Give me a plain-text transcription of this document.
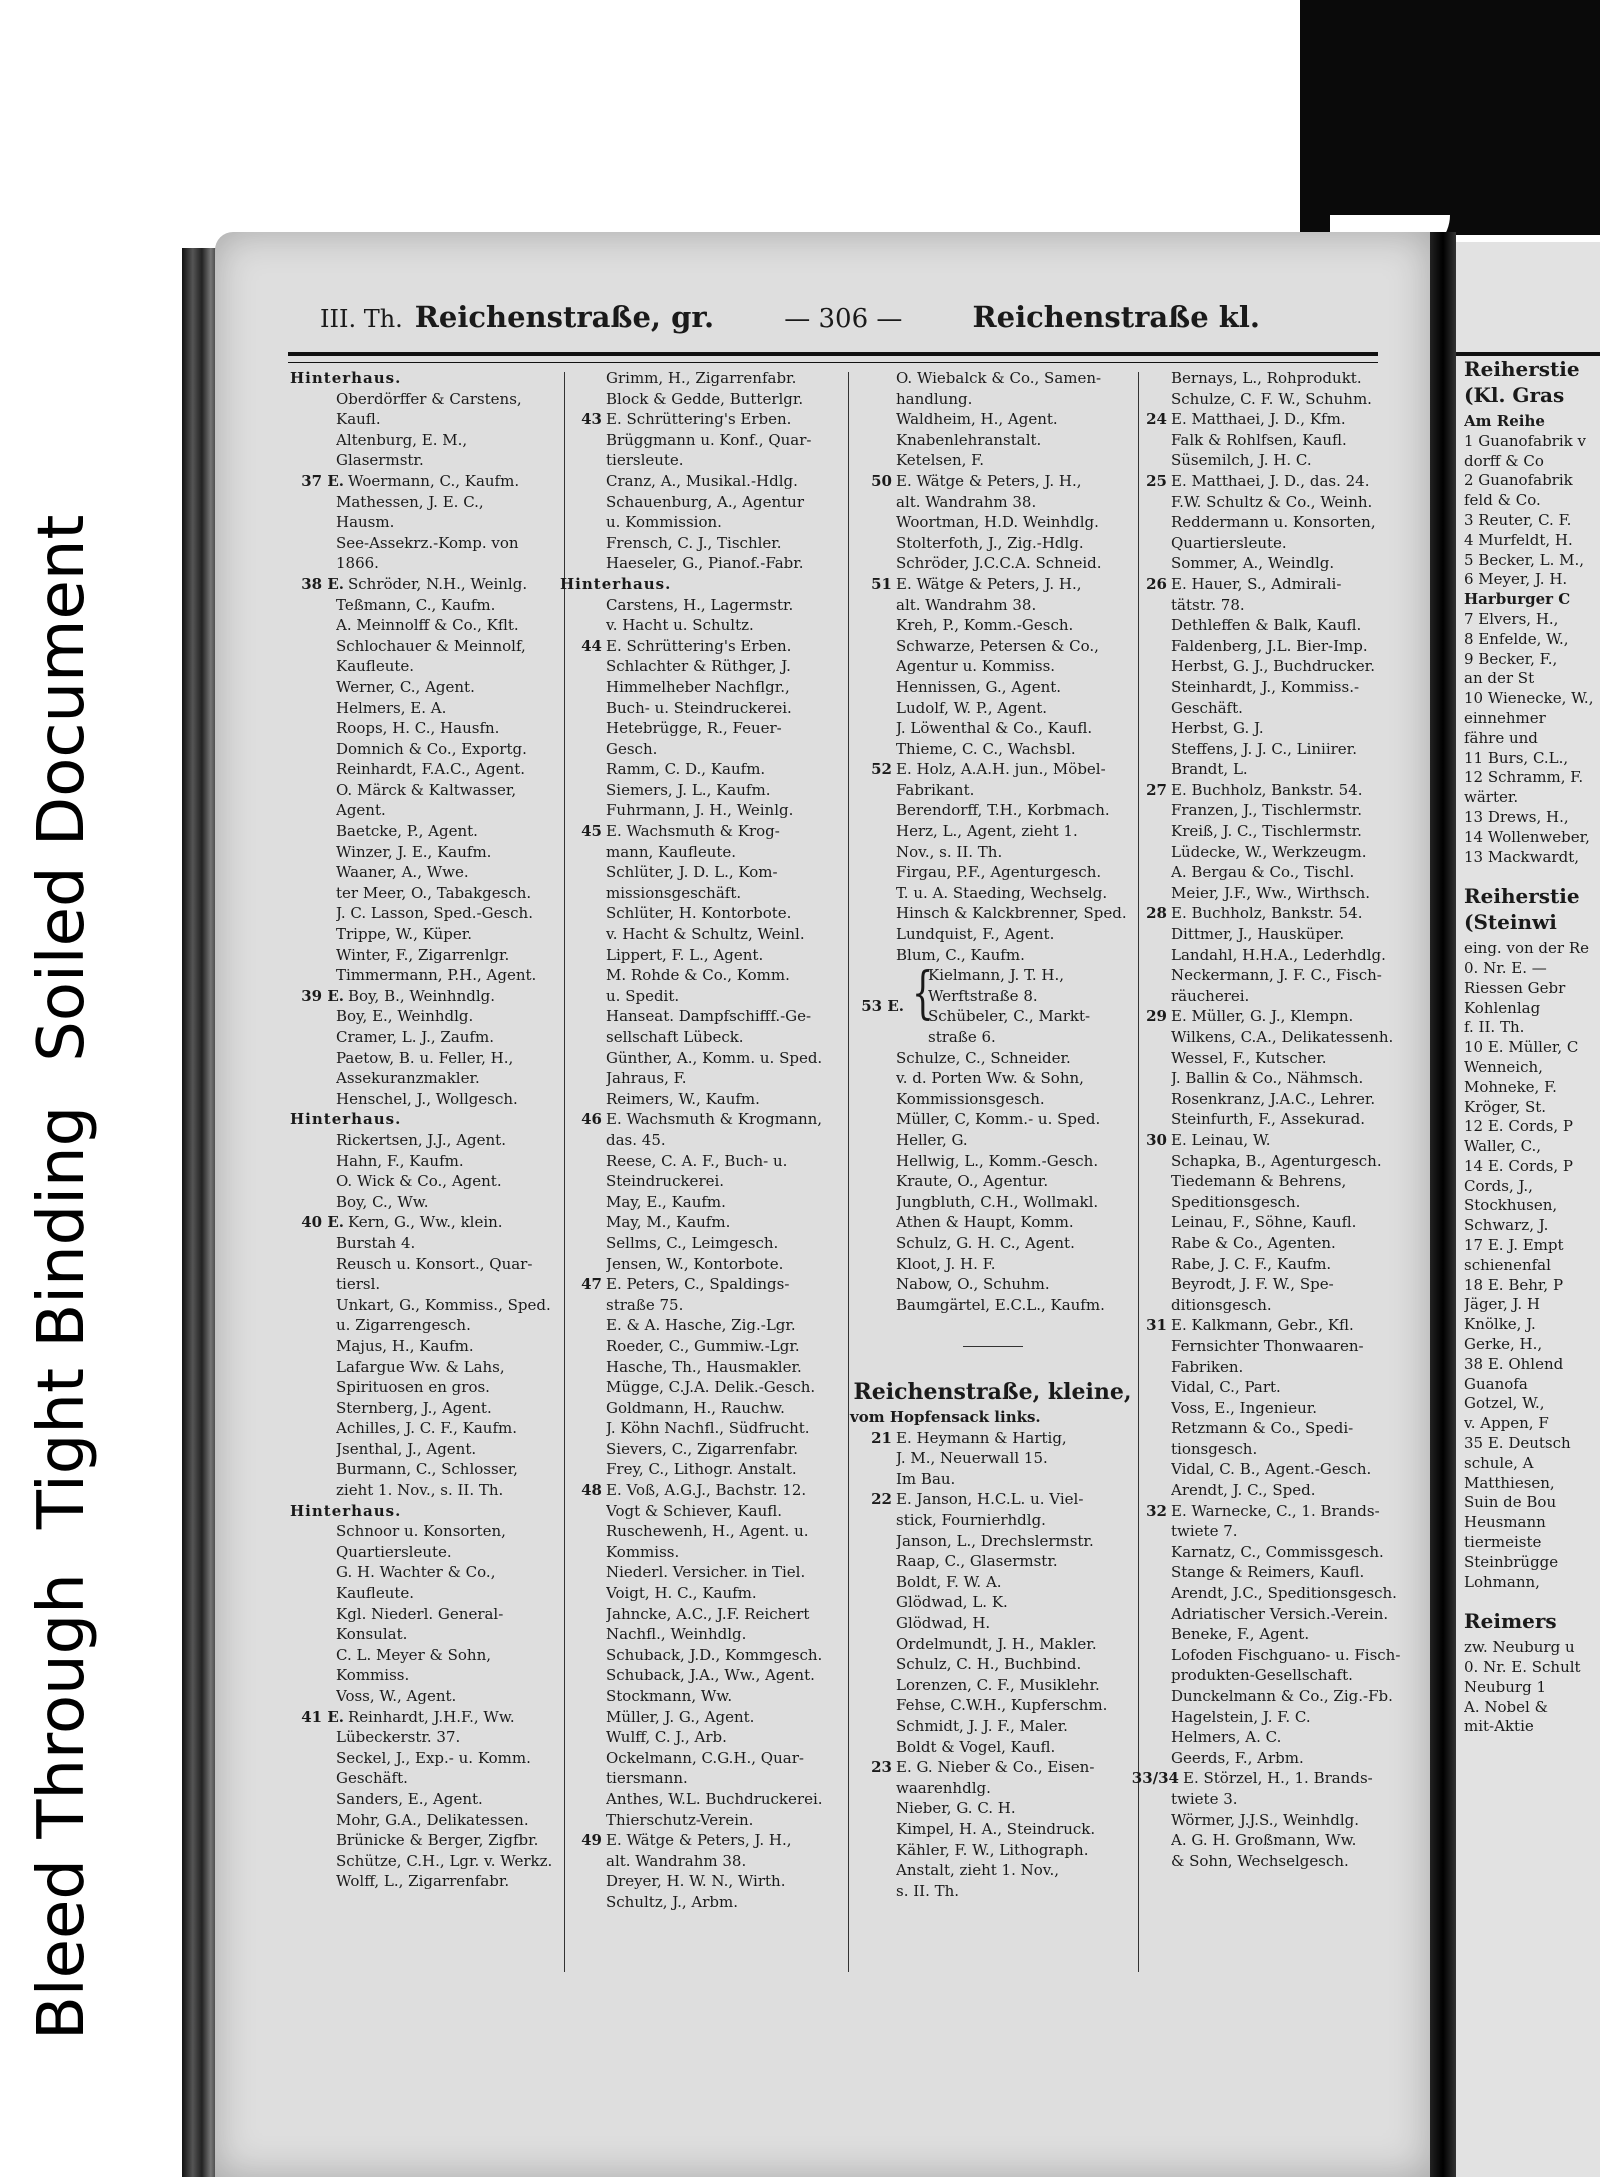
Bleed Through
Tight Binding
Soiled Document
Reiherstie
(Kl. Gras
Am Reihe
1 Guanofabrik v
dorff & Co
2 Guanofabrik
feld & Co.
3 Reuter, C. F.
4 Murfeldt, H.
5 Becker, L. M.,
6 Meyer, J. H.
Harburger C
7 Elvers, H.,
8 Enfelde, W.,
9 Becker, F.,
an der St
10 Wienecke, W.,
einnehmer
fähre und
11 Burs, C.L.,
12 Schramm, F.
wärter.
13 Drews, H.,
14 Wollenweber,
13 Mackwardt,
Reiherstie
(Steinwi
eing. von der Re
0. Nr. E. —
Riessen Gebr
Kohlenlag
f. II. Th.
10 E. Müller, C
Wenneich,
Mohneke, F.
Kröger, St.
12 E. Cords, P
Waller, C.,
14 E. Cords, P
Cords, J.,
Stockhusen,
Schwarz, J.
17 E. J. Empt
schienenfal
18 E. Behr, P
Jäger, J. H
Knölke, J.
Gerke, H.,
38 E. Ohlend
Guanofa
Gotzel, W.,
v. Appen, F
35 E. Deutsch
schule, A
Matthiesen,
Suin de Bou
Heusmann
tiermeiste
Steinbrügge
Lohmann,
Reimers
zw. Neuburg u
0. Nr. E. Schult
Neuburg 1
A. Nobel &
mit-Aktie
III. Th. Reichenstraße, gr.	— 306 — Reichenstraße kl.
Hinterhaus.
Oberdörffer & Carstens,
Kaufl.
Altenburg, E. M.,
Glasermstr.
37 E. Woermann, C., Kaufm.
Mathessen, J. E. C.,
Hausm.
See-Assekrz.-Komp. von
1866.
38 E. Schröder, N.H., Weinlg.
Teßmann, C., Kaufm.
A. Meinnolff & Co., Kflt.
Schlochauer & Meinnolf,
Kaufleute.
Werner, C., Agent.
Helmers, E. A.
Roops, H. C., Hausfn.
Domnich & Co., Exportg.
Reinhardt, F.A.C., Agent.
O. Märck & Kaltwasser,
Agent.
Baetcke, P., Agent.
Winzer, J. E., Kaufm.
Waaner, A., Wwe.
ter Meer, O., Tabakgesch.
J. C. Lasson, Sped.-Gesch.
Trippe, W., Küper.
Winter, F., Zigarrenlgr.
Timmermann, P.H., Agent.
39 E. Boy, B., Weinhndlg.
Boy, E., Weinhdlg.
Cramer, L. J., Zaufm.
Paetow, B. u. Feller, H.,
Assekuranzmakler.
Henschel, J., Wollgesch.
Hinterhaus.
Rickertsen, J.J., Agent.
Hahn, F., Kaufm.
O. Wick & Co., Agent.
Boy, C., Ww.
40 E. Kern, G., Ww., klein.
Burstah 4.
Reusch u. Konsort., Quar-
tiersl.
Unkart, G., Kommiss., Sped.
u. Zigarrengesch.
Majus, H., Kaufm.
Lafargue Ww. & Lahs,
Spirituosen en gros.
Sternberg, J., Agent.
Achilles, J. C. F., Kaufm.
Jsenthal, J., Agent.
Burmann, C., Schlosser,
zieht 1. Nov., s. II. Th.
Hinterhaus.
Schnoor u. Konsorten,
Quartiersleute.
G. H. Wachter & Co.,
Kaufleute.
Kgl. Niederl. General-
Konsulat.
C. L. Meyer & Sohn,
Kommiss.
Voss, W., Agent.
41 E. Reinhardt, J.H.F., Ww.
Lübeckerstr. 37.
Seckel, J., Exp.- u. Komm.
Geschäft.
Sanders, E., Agent.
Mohr, G.A., Delikatessen.
Brünicke & Berger, Zigfbr.
Schütze, C.H., Lgr. v. Werkz.
Wolff, L., Zigarrenfabr.
Grimm, H., Zigarrenfabr.
Block & Gedde, Butterlgr.
43 E. Schrüttering's Erben.
Brüggmann u. Konf., Quar-
tiersleute.
Cranz, A., Musikal.-Hdlg.
Schauenburg, A., Agentur
u. Kommission.
Frensch, C. J., Tischler.
Haeseler, G., Pianof.-Fabr.
Hinterhaus.
Carstens, H., Lagermstr.
v. Hacht u. Schultz.
44 E. Schrüttering's Erben.
Schlachter & Rüthger, J.
Himmelheber Nachflgr.,
Buch- u. Steindruckerei.
Hetebrügge, R., Feuer-
Gesch.
Ramm, C. D., Kaufm.
Siemers, J. L., Kaufm.
Fuhrmann, J. H., Weinlg.
45 E. Wachsmuth & Krog-
mann, Kaufleute.
Schlüter, J. D. L., Kom-
missionsgeschäft.
Schlüter, H. Kontorbote.
v. Hacht & Schultz, Weinl.
Lippert, F. L., Agent.
M. Rohde & Co., Komm.
u. Spedit.
Hanseat. Dampfschifff.-Ge-
sellschaft Lübeck.
Günther, A., Komm. u. Sped.
Jahraus, F.
Reimers, W., Kaufm.
46 E. Wachsmuth & Krogmann,
das. 45.
Reese, C. A. F., Buch- u.
Steindruckerei.
May, E., Kaufm.
May, M., Kaufm.
Sellms, C., Leimgesch.
Jensen, W., Kontorbote.
47 E. Peters, C., Spaldings-
straße 75.
E. & A. Hasche, Zig.-Lgr.
Roeder, C., Gummiw.-Lgr.
Hasche, Th., Hausmakler.
Mügge, C.J.A. Delik.-Gesch.
Goldmann, H., Rauchw.
J. Köhn Nachfl., Südfrucht.
Sievers, C., Zigarrenfabr.
Frey, C., Lithogr. Anstalt.
48 E. Voß, A.G.J., Bachstr. 12.
Vogt & Schiever, Kaufl.
Ruschewenh, H., Agent. u.
Kommiss.
Niederl. Versicher. in Tiel.
Voigt, H. C., Kaufm.
Jahncke, A.C., J.F. Reichert
Nachfl., Weinhdlg.
Schuback, J.D., Kommgesch.
Schuback, J.A., Ww., Agent.
Stockmann, Ww.
Müller, J. G., Agent.
Wulff, C. J., Arb.
Ockelmann, C.G.H., Quar-
tiersmann.
Anthes, W.L. Buchdruckerei.
Thierschutz-Verein.
49 E. Wätge & Peters, J. H.,
alt. Wandrahm 38.
Dreyer, H. W. N., Wirth.
Schultz, J., Arbm.
O. Wiebalck & Co., Samen-
handlung.
Waldheim, H., Agent.
Knabenlehranstalt.
Ketelsen, F.
50 E. Wätge & Peters, J. H.,
alt. Wandrahm 38.
Woortman, H.D. Weinhdlg.
Stolterfoth, J., Zig.-Hdlg.
Schröder, J.C.C.A. Schneid.
51 E. Wätge & Peters, J. H.,
alt. Wandrahm 38.
Kreh, P., Komm.-Gesch.
Schwarze, Petersen & Co.,
Agentur u. Kommiss.
Hennissen, G., Agent.
Ludolf, W. P., Agent.
J. Löwenthal & Co., Kaufl.
Thieme, C. C., Wachsbl.
52 E. Holz, A.A.H. jun., Möbel-
Fabrikant.
Berendorff, T.H., Korbmach.
Herz, L., Agent, zieht 1.
Nov., s. II. Th.
Firgau, P.F., Agenturgesch.
T. u. A. Staeding, Wechselg.
Hinsch & Kalckbrenner, Sped.
Lundquist, F., Agent.
Blum, C., Kaufm.
53 E. {
Kielmann, J. T. H.,
Werftstraße 8.
Schübeler, C., Markt-
straße 6.
Schulze, C., Schneider.
v. d. Porten Ww. & Sohn,
Kommissionsgesch.
Müller, C, Komm.- u. Sped.
Heller, G.
Hellwig, L., Komm.-Gesch.
Kraute, O., Agentur.
Jungbluth, C.H., Wollmakl.
Athen & Haupt, Komm.
Schulz, G. H. C., Agent.
Kloot, J. H. F.
Nabow, O., Schuhm.
Baumgärtel, E.C.L., Kaufm.
Reichenstraße, kleine,
vom Hopfensack links.
21 E. Heymann & Hartig,
J. M., Neuerwall 15.
Im Bau.
22 E. Janson, H.C.L. u. Viel-
stick, Fournierhdlg.
Janson, L., Drechslermstr.
Raap, C., Glasermstr.
Boldt, F. W. A.
Glödwad, L. K.
Glödwad, H.
Ordelmundt, J. H., Makler.
Schulz, C. H., Buchbind.
Lorenzen, C. F., Musiklehr.
Fehse, C.W.H., Kupferschm.
Schmidt, J. J. F., Maler.
Boldt & Vogel, Kaufl.
23 E. G. Nieber & Co., Eisen-
waarenhdlg.
Nieber, G. C. H.
Kimpel, H. A., Steindruck.
Kähler, F. W., Lithograph.
Anstalt, zieht 1. Nov.,
s. II. Th.
Bernays, L., Rohprodukt.
Schulze, C. F. W., Schuhm.
24 E. Matthaei, J. D., Kfm.
Falk & Rohlfsen, Kaufl.
Süsemilch, J. H. C.
25 E. Matthaei, J. D., das. 24.
F.W. Schultz & Co., Weinh.
Reddermann u. Konsorten,
Quartiersleute.
Sommer, A., Weindlg.
26 E. Hauer, S., Admirali-
tätstr. 78.
Dethleffen & Balk, Kaufl.
Faldenberg, J.L. Bier-Imp.
Herbst, G. J., Buchdrucker.
Steinhardt, J., Kommiss.-
Geschäft.
Herbst, G. J.
Steffens, J. J. C., Liniirer.
Brandt, L.
27 E. Buchholz, Bankstr. 54.
Franzen, J., Tischlermstr.
Kreiß, J. C., Tischlermstr.
Lüdecke, W., Werkzeugm.
A. Bergau & Co., Tischl.
Meier, J.F., Ww., Wirthsch.
28 E. Buchholz, Bankstr. 54.
Dittmer, J., Hausküper.
Landahl, H.H.A., Lederhdlg.
Neckermann, J. F. C., Fisch-
räucherei.
29 E. Müller, G. J., Klempn.
Wilkens, C.A., Delikatessenh.
Wessel, F., Kutscher.
J. Ballin & Co., Nähmsch.
Rosenkranz, J.A.C., Lehrer.
Steinfurth, F., Assekurad.
30 E. Leinau, W.
Schapka, B., Agenturgesch.
Tiedemann & Behrens,
Speditionsgesch.
Leinau, F., Söhne, Kaufl.
Rabe & Co., Agenten.
Rabe, J. C. F., Kaufm.
Beyrodt, J. F. W., Spe-
ditionsgesch.
31 E. Kalkmann, Gebr., Kfl.
Fernsichter Thonwaaren-
Fabriken.
Vidal, C., Part.
Voss, E., Ingenieur.
Retzmann & Co., Spedi-
tionsgesch.
Vidal, C. B., Agent.-Gesch.
Arendt, J. C., Sped.
32 E. Warnecke, C., 1. Brands-
twiete 7.
Karnatz, C., Commissgesch.
Stange & Reimers, Kaufl.
Arendt, J.C., Speditionsgesch.
Adriatischer Versich.-Verein.
Beneke, F., Agent.
Lofoden Fischguano- u. Fisch-
produkten-Gesellschaft.
Dunckelmann & Co., Zig.-Fb.
Hagelstein, J. F. C.
Helmers, A. C.
Geerds, F., Arbm.
33/34 E. Störzel, H., 1. Brands-
twiete 3.
Wörmer, J.J.S., Weinhdlg.
A. G. H. Großmann, Ww.
& Sohn, Wechselgesch.
